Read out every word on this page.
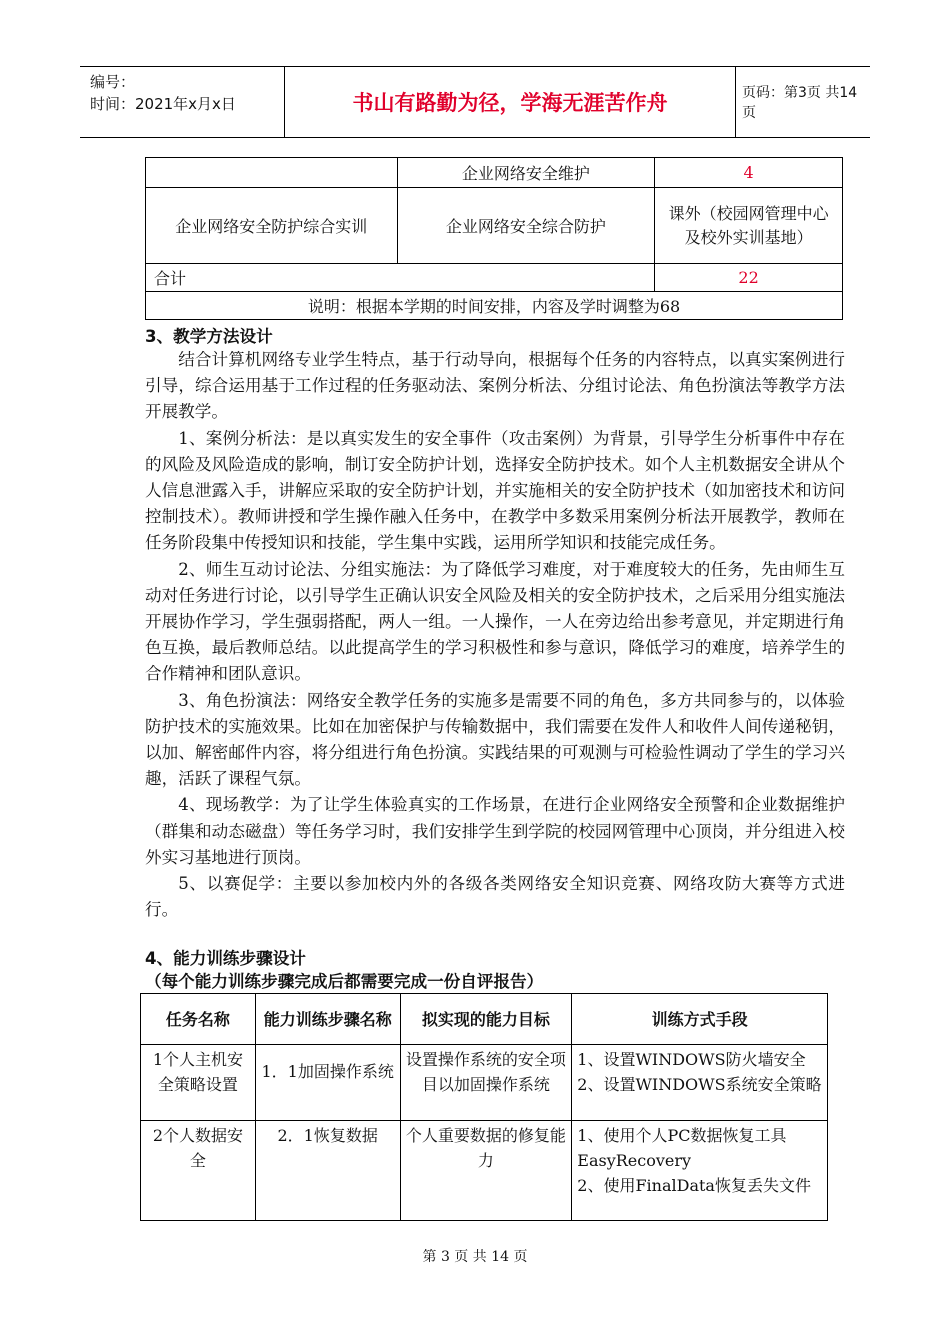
编号：
时间：2021年x月x日	书山有路勤为径，学海无涯苦作舟	页码：第3页 共14页
	企业网络安全维护	4
企业网络安全防护综合实训	企业网络安全综合防护	课外（校园网管理中心及校外实训基地）
合计		22
说明：根据本学期的时间安排，内容及学时调整为68		
3、教学方法设计

结合计算机网络专业学生特点，基于行动导向，根据每个任务的内容特点，以真实案例进行引导，综合运用基于工作过程的任务驱动法、案例分析法、分组讨论法、角色扮演法等教学方法开展教学。

1、案例分析法：是以真实发生的安全事件（攻击案例）为背景，引导学生分析事件中存在的风险及风险造成的影响，制订安全防护计划，选择安全防护技术。如个人主机数据安全讲从个人信息泄露入手，讲解应采取的安全防护计划，并实施相关的安全防护技术（如加密技术和访问控制技术）。教师讲授和学生操作融入任务中，在教学中多数采用案例分析法开展教学，教师在任务阶段集中传授知识和技能，学生集中实践，运用所学知识和技能完成任务。

2、师生互动讨论法、分组实施法：为了降低学习难度，对于难度较大的任务，先由师生互动对任务进行讨论，以引导学生正确认识安全风险及相关的安全防护技术，之后采用分组实施法开展协作学习，学生强弱搭配，两人一组。一人操作，一人在旁边给出参考意见，并定期进行角色互换，最后教师总结。以此提高学生的学习积极性和参与意识，降低学习的难度，培养学生的合作精神和团队意识。

3、角色扮演法：网络安全教学任务的实施多是需要不同的角色，多方共同参与的，以体验防护技术的实施效果。比如在加密保护与传输数据中，我们需要在发件人和收件人间传递秘钥，以加、解密邮件内容，将分组进行角色扮演。实践结果的可观测与可检验性调动了学生的学习兴趣，活跃了课程气氛。

4、现场教学：为了让学生体验真实的工作场景，在进行企业网络安全预警和企业数据维护（群集和动态磁盘）等任务学习时，我们安排学生到学院的校园网管理中心顶岗，并分组进入校外实习基地进行顶岗。

5、以赛促学：主要以参加校内外的各级各类网络安全知识竞赛、网络攻防大赛等方式进行。

4、能力训练步骤设计
（每个能力训练步骤完成后都需要完成一份自评报告）
任务名称	能力训练步骤名称	拟实现的能力目标	训练方式手段
1个人主机安全策略设置	1．1加固操作系统	设置操作系统的安全项目以加固操作系统	1、设置WINDOWS防火墙安全
2、设置WINDOWS系统安全策略

2个人数据安全	2．1恢复数据	个人重要数据的修复能力	1、使用个人PC数据恢复工具EasyRecovery
2、使用FinalData恢复丢失文件
第 3 页 共 14 页
